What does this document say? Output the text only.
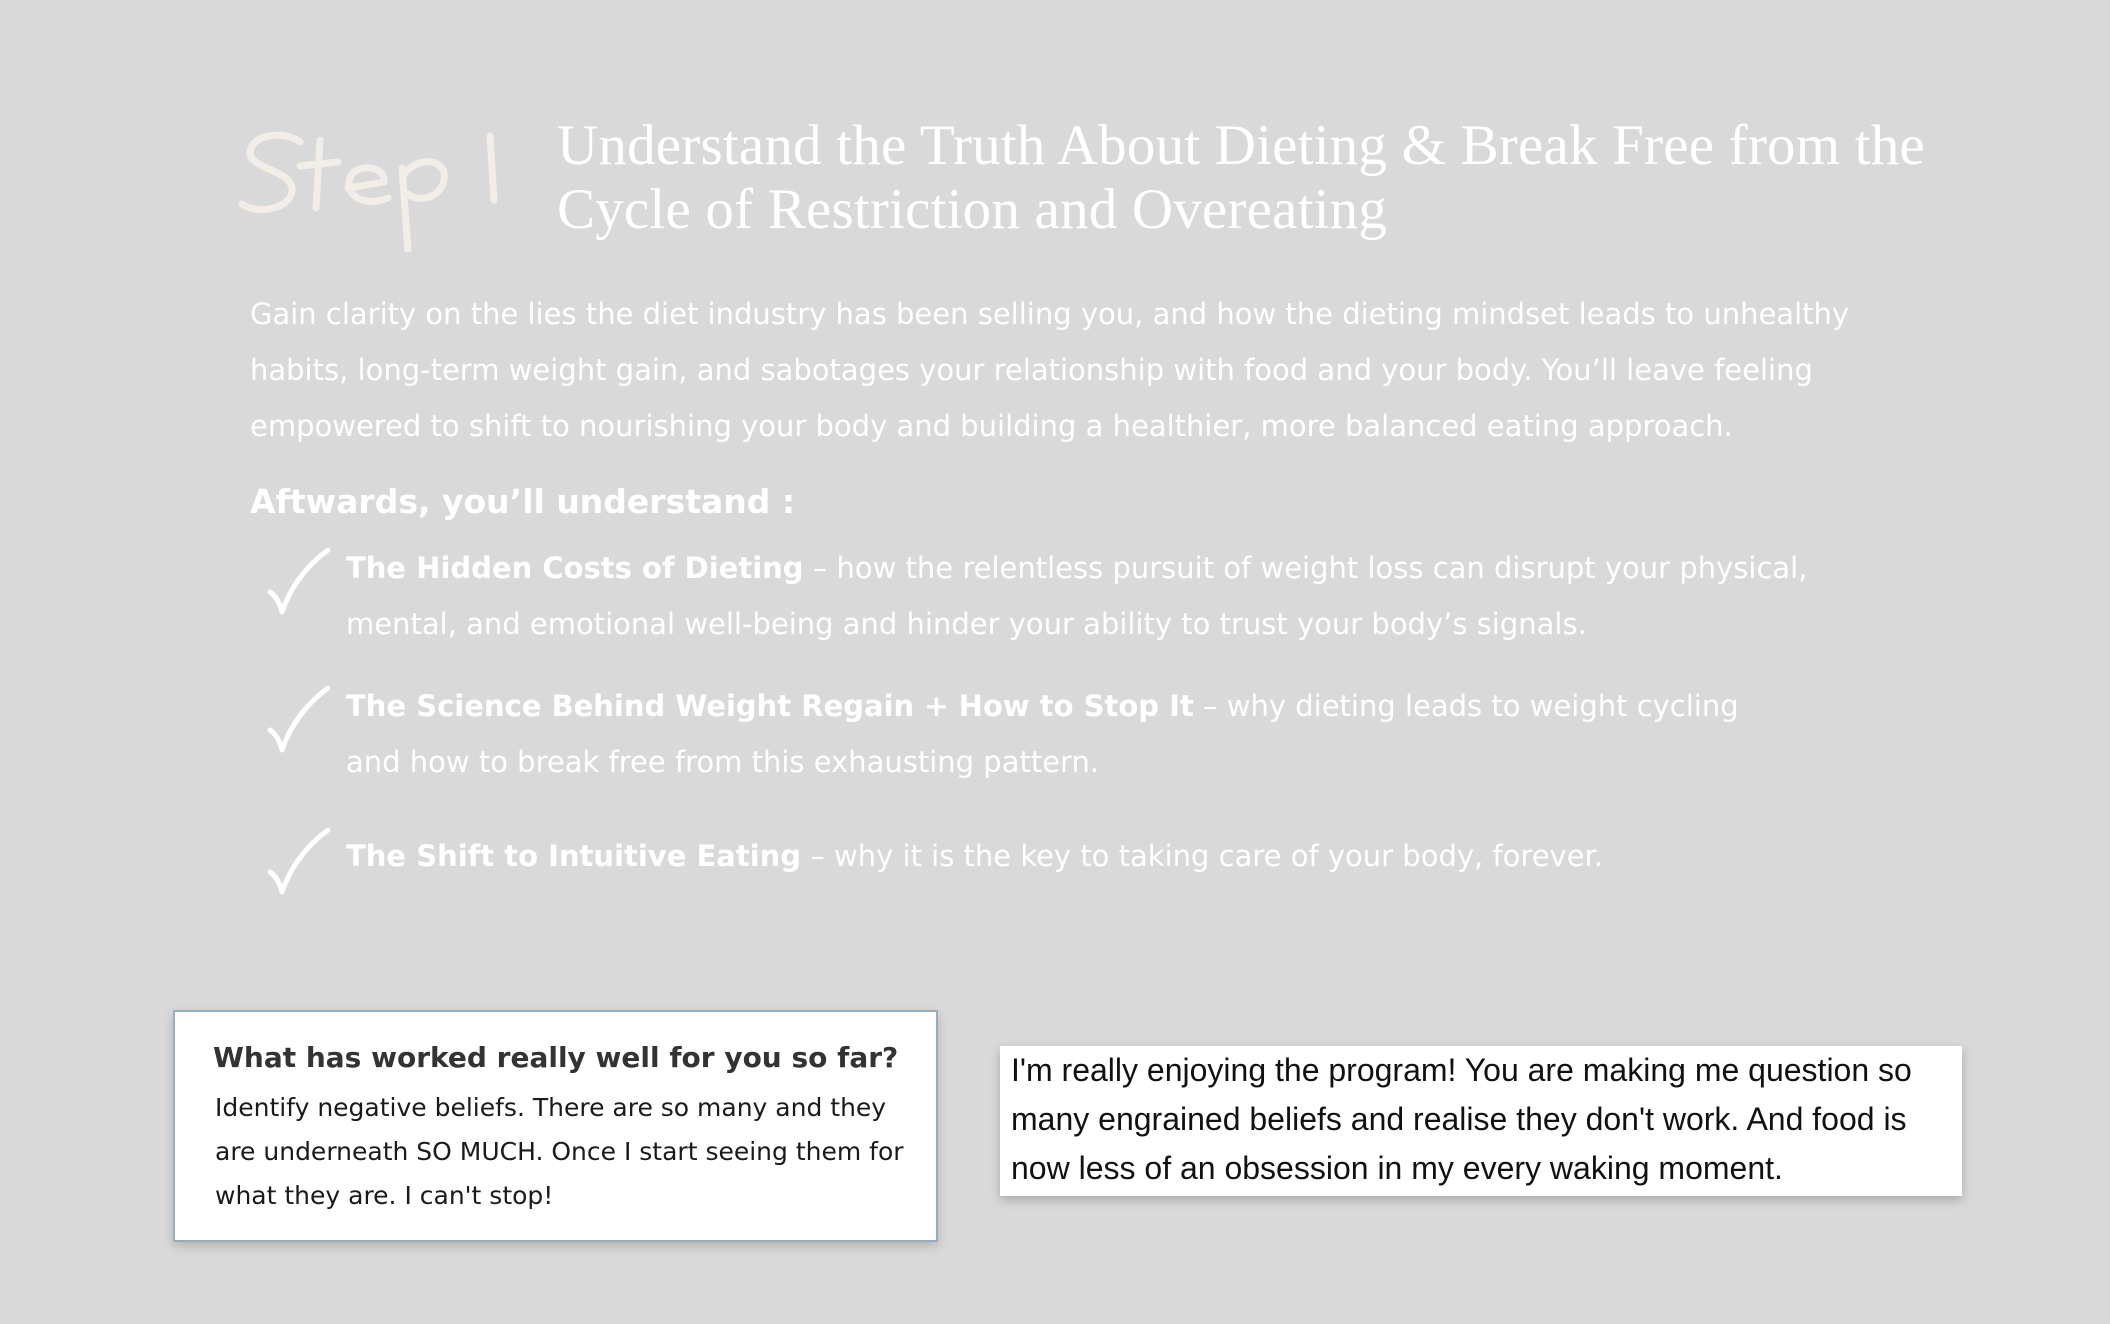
Understand the Truth About Dieting & Break Free from the Cycle of Restriction and Overeating

Gain clarity on the lies the diet industry has been selling you, and how the dieting mindset leads to unhealthy habits, long-term weight gain, and sabotages your relationship with food and your body. You’ll leave feeling empowered to shift to nourishing your body and building a healthier, more balanced eating approach.

Aftwards, you’ll understand :
The Hidden Costs of Dieting – how the relentless pursuit of weight loss can disrupt your physical, mental, and emotional well-being and hinder your ability to trust your body’s signals.
The Science Behind Weight Regain + How to Stop It – why dieting leads to weight cycling and how to break free from this exhausting pattern.
The Shift to Intuitive Eating – why it is the key to taking care of your body, forever.
What has worked really well for you so far?
Identify negative beliefs. There are so many and they are underneath SO MUCH. Once I start seeing them for what they are. I can't stop!
I'm really enjoying the program! You are making me question so many engrained beliefs and realise they don't work. And food is now less of an obsession in my every waking moment.
